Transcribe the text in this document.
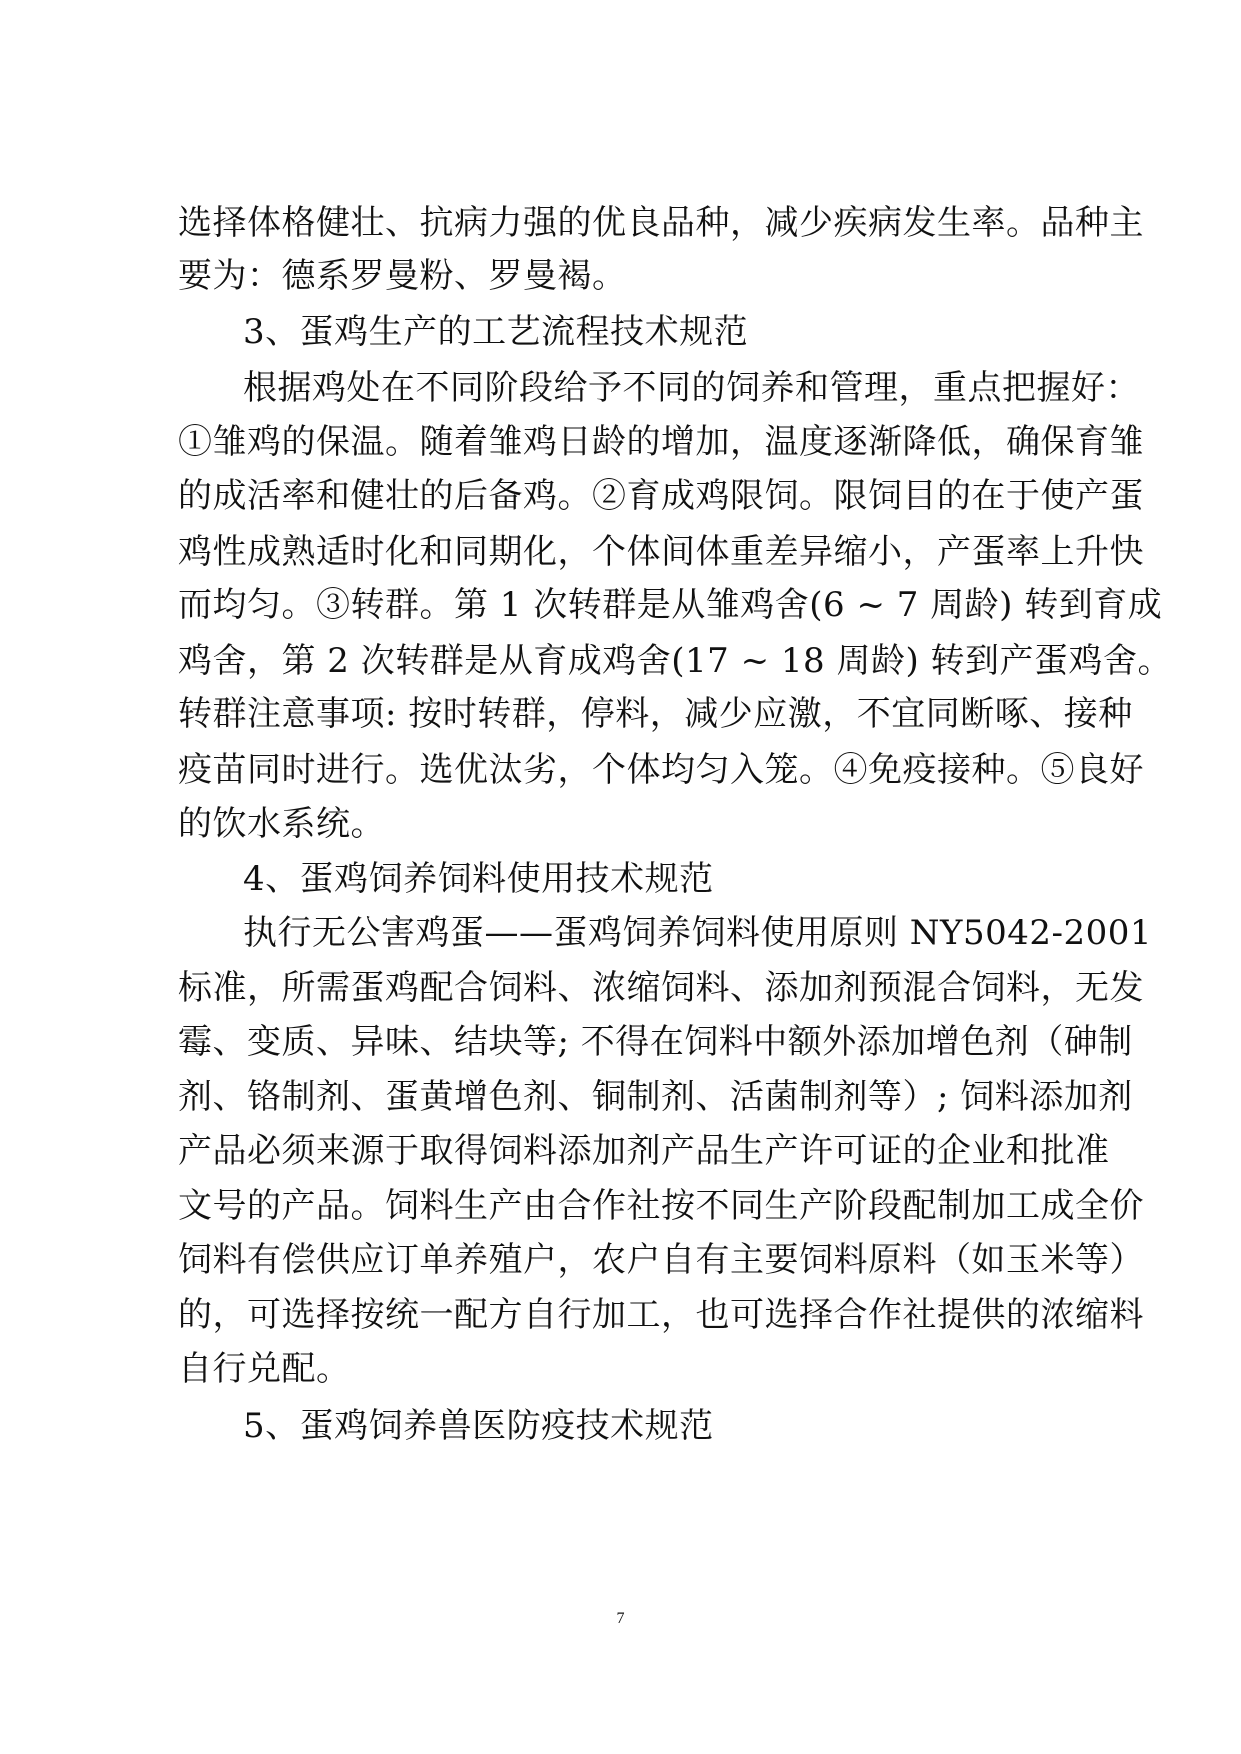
选择体格健壮、抗病力强的优良品种，减少疾病发生率。品种主
要为：德系罗曼粉、罗曼褐。
3、蛋鸡生产的工艺流程技术规范
根据鸡处在不同阶段给予不同的饲养和管理，重点把握好：
①雏鸡的保温。随着雏鸡日龄的增加，温度逐渐降低，确保育雏
的成活率和健壮的后备鸡。②育成鸡限饲。限饲目的在于使产蛋
鸡性成熟适时化和同期化，个体间体重差异缩小，产蛋率上升快
而均匀。③转群。第 1 次转群是从雏鸡舍(6 ~ 7 周龄) 转到育成
鸡舍，第 2 次转群是从育成鸡舍(17 ~ 18 周龄) 转到产蛋鸡舍。
转群注意事项: 按时转群，停料，减少应激，不宜同断啄、接种
疫苗同时进行。选优汰劣，个体均匀入笼。④免疫接种。⑤良好
的饮水系统。
4、蛋鸡饲养饲料使用技术规范
执行无公害鸡蛋——蛋鸡饲养饲料使用原则 NY5042-2001
标准，所需蛋鸡配合饲料、浓缩饲料、添加剂预混合饲料，无发
霉、变质、异味、结块等; 不得在饲料中额外添加增色剂（砷制
剂、铬制剂、蛋黄增色剂、铜制剂、活菌制剂等）; 饲料添加剂
产品必须来源于取得饲料添加剂产品生产许可证的企业和批准
文号的产品。饲料生产由合作社按不同生产阶段配制加工成全价
饲料有偿供应订单养殖户，农户自有主要饲料原料（如玉米等）
的，可选择按统一配方自行加工，也可选择合作社提供的浓缩料
自行兑配。
5、蛋鸡饲养兽医防疫技术规范
7
